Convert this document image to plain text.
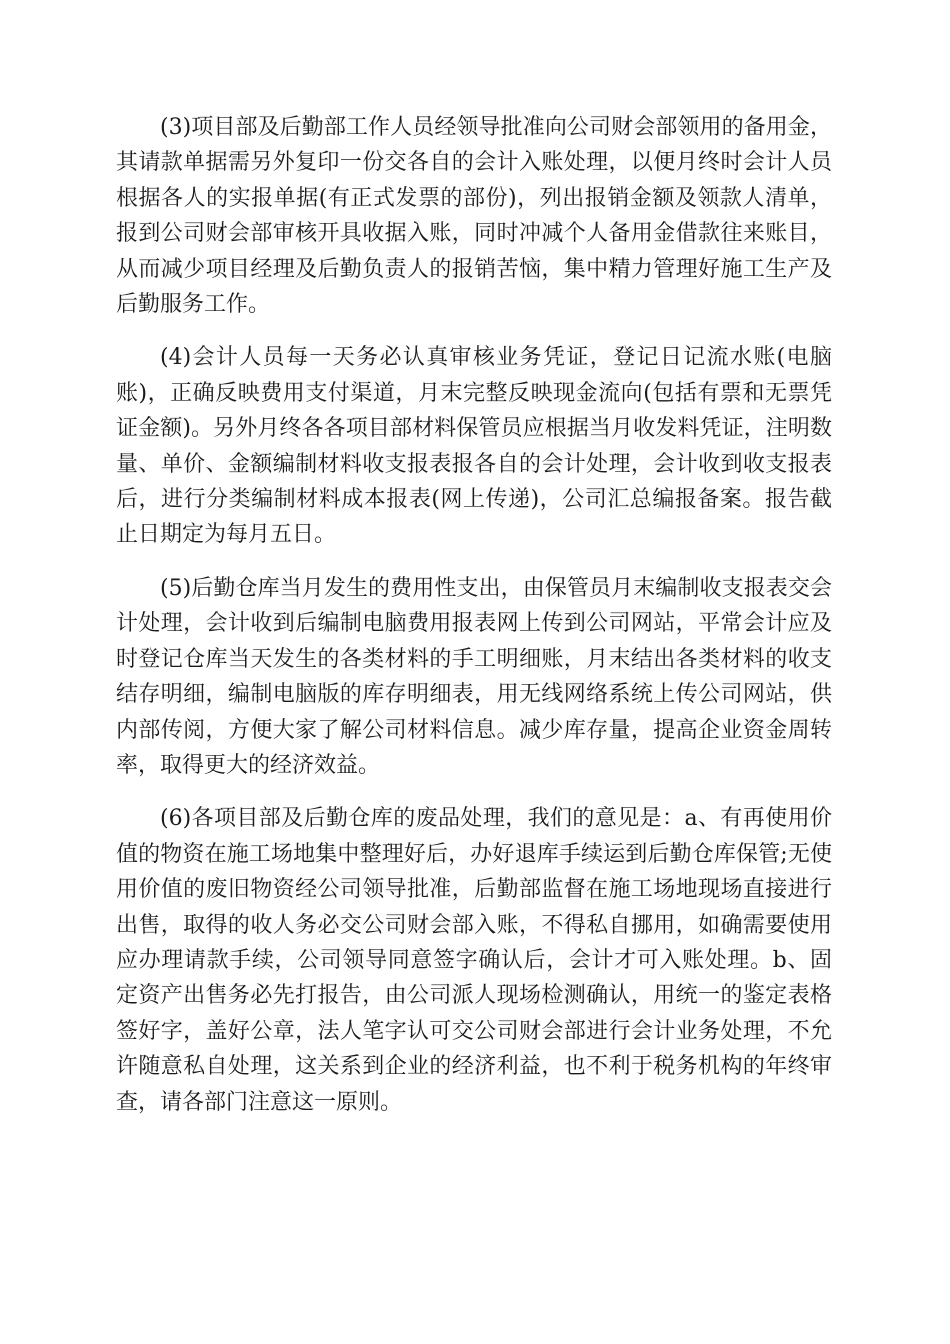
(3)项目部及后勤部工作人员经领导批准向公司财会部领用的备用金，其请款单据需另外复印一份交各自的会计入账处理，以便月终时会计人员根据各人的实报单据(有正式发票的部份)，列出报销金额及领款人清单，报到公司财会部审核开具收据入账，同时冲减个人备用金借款往来账目，从而减少项目经理及后勤负责人的报销苦恼，集中精力管理好施工生产及后勤服务工作。

(4)会计人员每一天务必认真审核业务凭证，登记日记流水账(电脑账)，正确反映费用支付渠道，月末完整反映现金流向(包括有票和无票凭证金额)。另外月终各各项目部材料保管员应根据当月收发料凭证，注明数量、单价、金额编制材料收支报表报各自的会计处理，会计收到收支报表后，进行分类编制材料成本报表(网上传递)，公司汇总编报备案。报告截止日期定为每月五日。

(5)后勤仓库当月发生的费用性支出，由保管员月末编制收支报表交会计处理，会计收到后编制电脑费用报表网上传到公司网站，平常会计应及时登记仓库当天发生的各类材料的手工明细账，月末结出各类材料的收支结存明细，编制电脑版的库存明细表，用无线网络系统上传公司网站，供内部传阅，方便大家了解公司材料信息。减少库存量，提高企业资金周转率，取得更大的经济效益。

(6)各项目部及后勤仓库的废品处理，我们的意见是：a、有再使用价值的物资在施工场地集中整理好后，办好退库手续运到后勤仓库保管;无使用价值的废旧物资经公司领导批准，后勤部监督在施工场地现场直接进行出售，取得的收人务必交公司财会部入账，不得私自挪用，如确需要使用应办理请款手续，公司领导同意签字确认后，会计才可入账处理。b、固定资产出售务必先打报告，由公司派人现场检测确认，用统一的鉴定表格签好字，盖好公章，法人笔字认可交公司财会部进行会计业务处理，不允许随意私自处理，这关系到企业的经济利益，也不利于税务机构的年终审查，请各部门注意这一原则。
